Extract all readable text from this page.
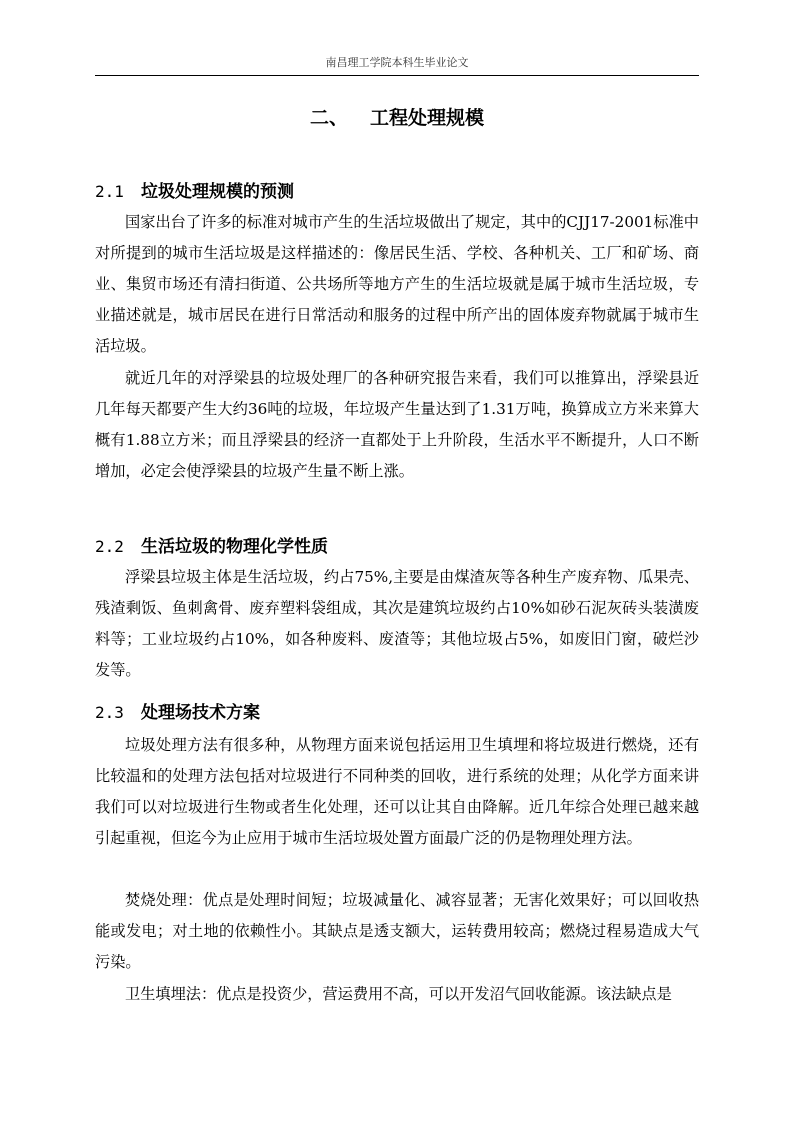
南昌理工学院本科生毕业论文
二、 工程处理规模
2.1 垃圾处理规模的预测

国家出台了许多的标准对城市产生的生活垃圾做出了规定，其中的CJJ17-2001标准中对所提到的城市生活垃圾是这样描述的：像居民生活、学校、各种机关、工厂和矿场、商业、集贸市场还有清扫街道、公共场所等地方产生的生活垃圾就是属于城市生活垃圾，专业描述就是，城市居民在进行日常活动和服务的过程中所产出的固体废弃物就属于城市生活垃圾。

就近几年的对浮梁县的垃圾处理厂的各种研究报告来看，我们可以推算出，浮梁县近几年每天都要产生大约36吨的垃圾，年垃圾产生量达到了1.31万吨，换算成立方米来算大概有1.88立方米；而且浮梁县的经济一直都处于上升阶段，生活水平不断提升，人口不断增加，必定会使浮梁县的垃圾产生量不断上涨。

2.2 生活垃圾的物理化学性质

浮梁县垃圾主体是生活垃圾，约占75%,主要是由煤渣灰等各种生产废弃物、瓜果壳、残渣剩饭、鱼刺禽骨、废弃塑料袋组成，其次是建筑垃圾约占10%如砂石泥灰砖头装潢废料等；工业垃圾约占10%，如各种废料、废渣等；其他垃圾占5%，如废旧门窗，破烂沙发等。

2.3 处理场技术方案

垃圾处理方法有很多种，从物理方面来说包括运用卫生填埋和将垃圾进行燃烧，还有比较温和的处理方法包括对垃圾进行不同种类的回收，进行系统的处理；从化学方面来讲我们可以对垃圾进行生物或者生化处理，还可以让其自由降解。近几年综合处理已越来越引起重视，但迄今为止应用于城市生活垃圾处置方面最广泛的仍是物理处理方法。

焚烧处理：优点是处理时间短；垃圾减量化、减容显著；无害化效果好；可以回收热能或发电；对土地的依赖性小。其缺点是透支额大，运转费用较高；燃烧过程易造成大气污染。

卫生填埋法：优点是投资少，营运费用不高，可以开发沼气回收能源。该法缺点是
